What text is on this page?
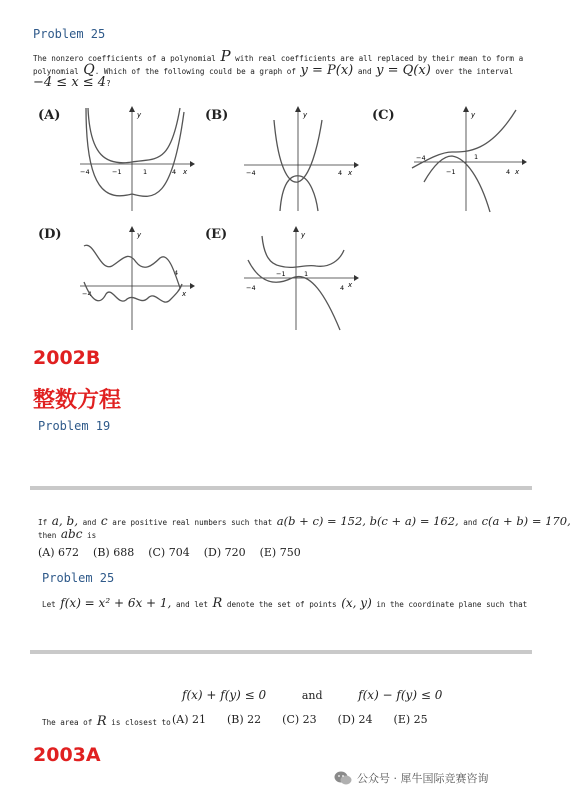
Problem 25
The nonzero coefficients of a polynomial P with real coefficients are all replaced by their mean to form a
polynomial Q. Which of the following could be a graph of y = P(x) and y = Q(x) over the interval
−4 ≤ x ≤ 4?
(A)	(B)	(C)
(D)	(E)
y
x
−4	−1	1	4
y
x
−4	4
y
x
−4
−1
1
4
y
x
−4
4
y
x
−4
−1	1
4
2002B
整数方程
Problem 19
If a, b, and c are positive real numbers such that a(b + c) = 152, b(c + a) = 162, and c(a + b) = 170,
then abc is
(A) 672 (B) 688 (C) 704 (D) 720 (E) 750
Problem 25
Let f(x) = x² + 6x + 1, and let R denote the set of points (x, y) in the coordinate plane such that
f(x) + f(y) ≤ 0	and	f(x) − f(y) ≤ 0
The area of R is closest to (A) 21 (B) 22 (C) 23 (D) 24 (E) 25
2003A
公众号 · 犀牛国际竞赛咨询
